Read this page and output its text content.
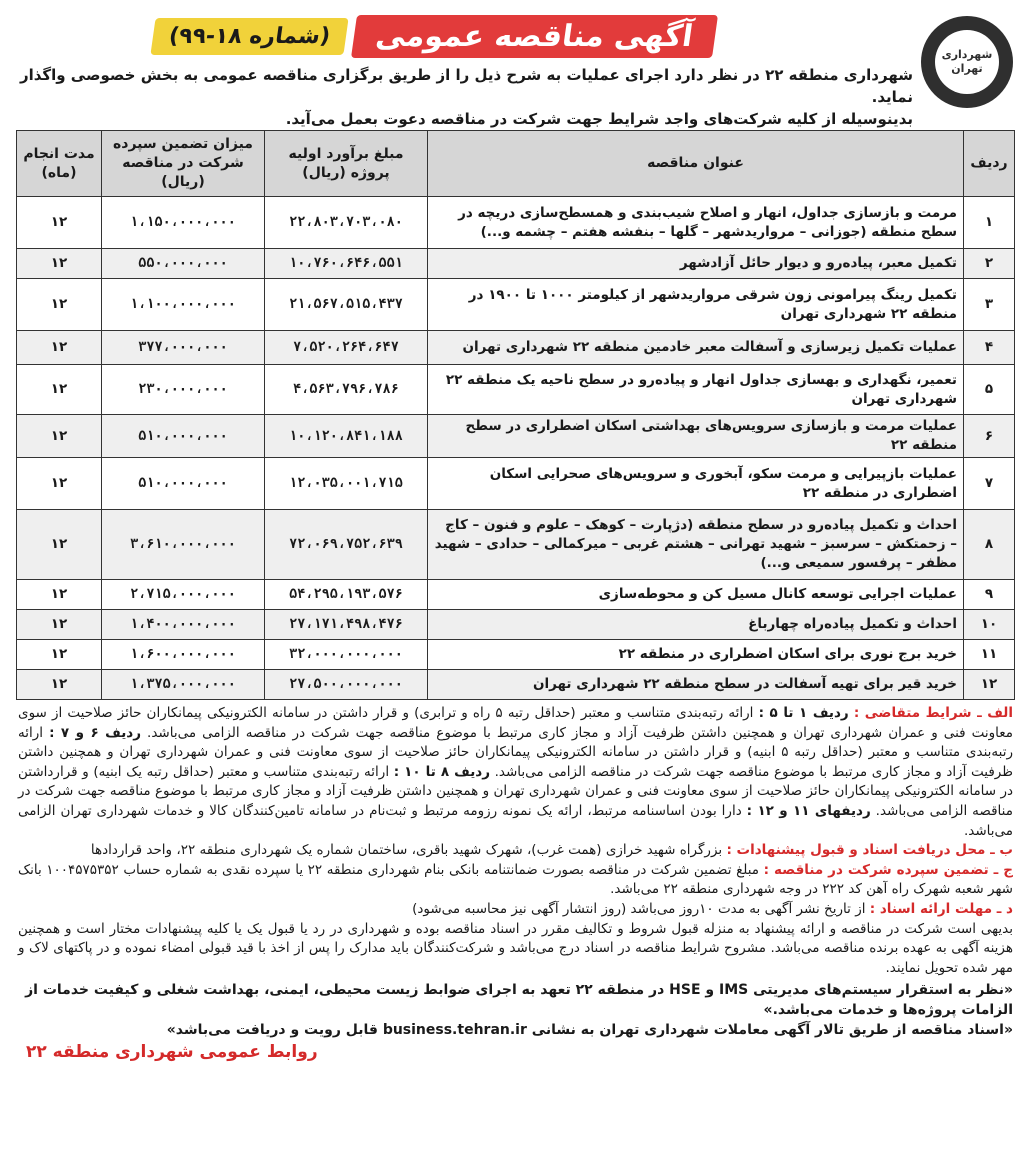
شهرداری تهران
آگهی مناقصه عمومی
(شماره ۱۸-۹۹)

شهرداری منطقه ۲۲ در نظر دارد اجرای عملیات به شرح ذیل را از طریق برگزاری مناقصه عمومی به بخش خصوصی واگذار نماید.

بدینوسیله از کلیه شرکت‌های واجد شرایط جهت شرکت در مناقصه دعوت بعمل می‌آید.

ردیف	عنوان مناقصه	مبلغ برآورد اولیه پروژه (ریال)	میزان تضمین سپرده شرکت در مناقصه (ریال)	مدت انجام (ماه)
۱	مرمت و بازسازی جداول، انهار و اصلاح شیب‌بندی و همسطح‌سازی دریچه در سطح منطقه (جوزانی – مروارید‌شهر – گلها – بنفشه هفتم – چشمه و...)	۲۲،۸۰۳،۷۰۳،۰۸۰	۱،۱۵۰،۰۰۰،۰۰۰	۱۲
۲	تکمیل معبر، پیاده‌رو و دیوار حائل آزادشهر	۱۰،۷۶۰،۶۴۶،۵۵۱	۵۵۰،۰۰۰،۰۰۰	۱۲
۳	تکمیل رینگ پیرامونی زون شرقی مرواریدشهر از کیلومتر ۱۰۰۰ تا ۱۹۰۰ در منطقه ۲۲ شهرداری تهران	۲۱،۵۶۷،۵۱۵،۴۳۷	۱،۱۰۰،۰۰۰،۰۰۰	۱۲
۴	عملیات تکمیل زیرسازی و آسفالت معبر خادمین منطقه ۲۲ شهرداری تهران	۷،۵۲۰،۲۶۴،۶۴۷	۳۷۷،۰۰۰،۰۰۰	۱۲
۵	تعمیر، نگهداری و بهسازی جداول انهار و پیاده‌رو در سطح ناحیه یک منطقه ۲۲ شهرداری تهران	۴،۵۶۳،۷۹۶،۷۸۶	۲۳۰،۰۰۰،۰۰۰	۱۲
۶	عملیات مرمت و بازسازی سرویس‌های بهداشتی اسکان اضطراری در سطح منطقه ۲۲	۱۰،۱۲۰،۸۴۱،۱۸۸	۵۱۰،۰۰۰،۰۰۰	۱۲
۷	عملیات بازپیرایی و مرمت سکو، آبخوری و سرویس‌های صحرایی اسکان اضطراری در منطقه ۲۲	۱۲،۰۳۵،۰۰۱،۷۱۵	۵۱۰،۰۰۰،۰۰۰	۱۲
۸	احداث و تکمیل پیاده‌رو در سطح منطقه (دژپارت – کوهک – علوم و فنون – کاج – زحمتکش – سرسبز – شهید تهرانی – هشتم غربی – میرکمالی – حدادی – شهید مظفر – پرفسور سمیعی و...)	۷۲،۰۶۹،۷۵۲،۶۳۹	۳،۶۱۰،۰۰۰،۰۰۰	۱۲
۹	عملیات اجرایی توسعه کانال مسیل کن و محوطه‌سازی	۵۴،۲۹۵،۱۹۳،۵۷۶	۲،۷۱۵،۰۰۰،۰۰۰	۱۲
۱۰	احداث و تکمیل پیاده‌راه چهارباغ	۲۷،۱۷۱،۴۹۸،۴۷۶	۱،۴۰۰،۰۰۰،۰۰۰	۱۲
۱۱	خرید برج نوری برای اسکان اضطراری در منطقه ۲۲	۳۲،۰۰۰،۰۰۰،۰۰۰	۱،۶۰۰،۰۰۰،۰۰۰	۱۲
۱۲	خرید قیر برای تهیه آسفالت در سطح منطقه ۲۲ شهرداری تهران	۲۷،۵۰۰،۰۰۰،۰۰۰	۱،۳۷۵،۰۰۰،۰۰۰	۱۲

الف ـ شرایط متقاضی : ردیف ۱ تا ۵ : ارائه رتبه‌بندی متناسب و معتبر (حداقل رتبه ۵ راه و ترابری) و قرار داشتن در سامانه الکترونیکی پیمانکاران حائز صلاحیت از سوی معاونت فنی و عمران شهرداری تهران و همچنین داشتن ظرفیت آزاد و مجاز کاری مرتبط با موضوع مناقصه جهت شرکت در مناقصه الزامی می‌باشد. ردیف ۶ و ۷ : ارائه رتبه‌بندی متناسب و معتبر (حداقل رتبه ۵ ابنیه) و قرار داشتن در سامانه الکترونیکی پیمانکاران حائز صلاحیت از سوی معاونت فنی و عمران شهرداری تهران و همچنین داشتن ظرفیت آزاد و مجاز کاری مرتبط با موضوع مناقصه جهت شرکت در مناقصه الزامی می‌باشد. ردیف ۸ تا ۱۰ : ارائه رتبه‌بندی متناسب و معتبر (حداقل رتبه یک ابنیه) و قرارداشتن در سامانه الکترونیکی پیمانکاران حائز صلاحیت از سوی معاونت فنی و عمران شهرداری تهران و همچنین داشتن ظرفیت آزاد و مجاز کاری مرتبط با موضوع مناقصه جهت شرکت در مناقصه الزامی می‌باشد. ردیفهای ۱۱ و ۱۲ : دارا بودن اساسنامه مرتبط، ارائه یک نمونه رزومه مرتبط و ثبت‌نام در سامانه تامین‌کنندگان کالا و خدمات شهرداری تهران الزامی می‌باشد.

ب ـ محل دریافت اسناد و قبول پیشنهادات : بزرگراه شهید خرازی (همت غرب)، شهرک شهید باقری، ساختمان شماره یک شهرداری منطقه ۲۲، واحد قراردادها

ج ـ تضمین سپرده شرکت در مناقصه : مبلغ تضمین شرکت در مناقصه بصورت ضمانتنامه بانکی بنام شهرداری منطقه ۲۲ یا سپرده نقدی به شماره حساب ۱۰۰۴۵۷۵۳۵۲ بانک شهر شعبه شهرک راه آهن کد ۲۲۲ در وجه شهرداری منطقه ۲۲ می‌باشد.

د ـ مهلت ارائه اسناد : از تاریخ نشر آگهی به مدت ۱۰روز می‌باشد (روز انتشار آگهی نیز محاسبه می‌شود)

بدیهی است شرکت در مناقصه و ارائه پیشنهاد به منزله قبول شروط و تکالیف مقرر در اسناد مناقصه بوده و شهرداری در رد یا قبول یک یا کلیه پیشنهادات مختار است و همچنین هزینه آگهی به عهده برنده مناقصه می‌باشد. مشروح شرایط مناقصه در اسناد درج می‌باشد و شرکت‌کنندگان باید مدارک را پس از اخذ با قید قبولی امضاء نموده و در پاکتهای لاک و مهر شده تحویل نمایند.

«نظر به استقرار سیستم‌های مدیریتی IMS و HSE در منطقه ۲۲ تعهد به اجرای ضوابط زیست محیطی، ایمنی، بهداشت شغلی و کیفیت خدمات از الزامات پروژه‌ها و خدمات می‌باشد.»

«اسناد مناقصه از طریق تالار آگهی معاملات شهرداری تهران به نشانی business.tehran.ir قابل رویت و دریافت می‌باشد»

روابط عمومی شهرداری منطقه ۲۲
